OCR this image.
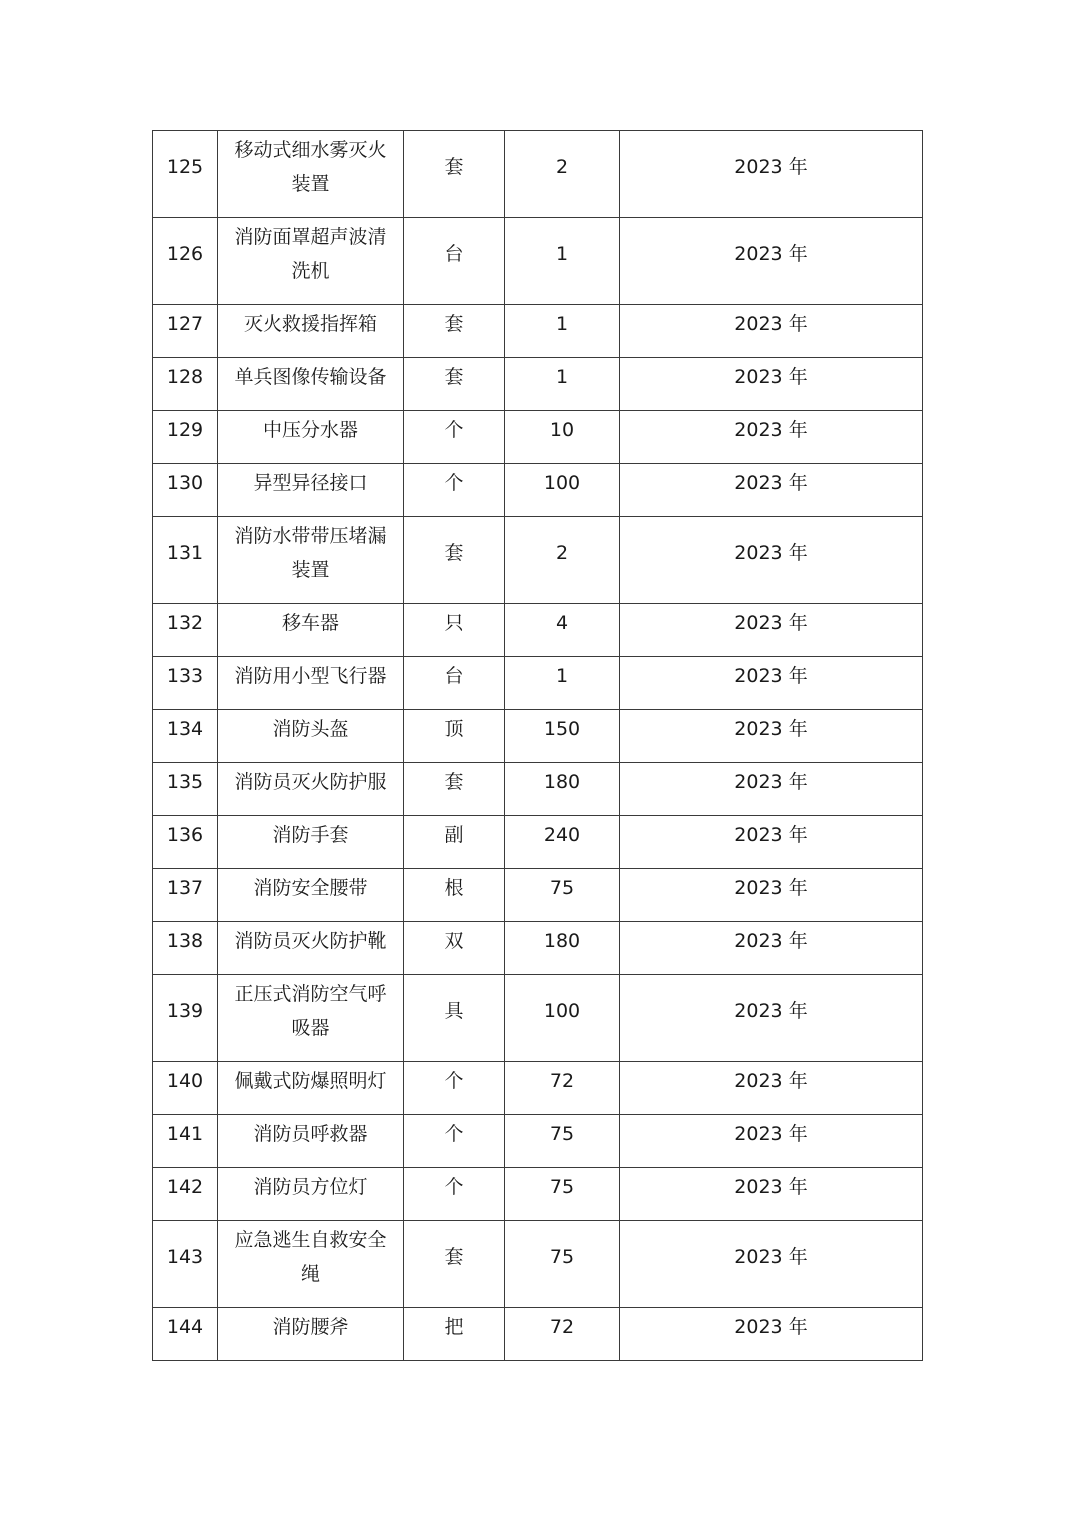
125	移动式细水雾灭火装置	套	2	2023 年

126	消防面罩超声波清洗机	台	1	2023 年

127	灭火救援指挥箱	套	1	2023 年

128	单兵图像传输设备	套	1	2023 年

129	中压分水器	个	10	2023 年

130	异型异径接口	个	100	2023 年

131	消防水带带压堵漏装置	套	2	2023 年

132	移车器	只	4	2023 年

133	消防用小型飞行器	台	1	2023 年

134	消防头盔	顶	150	2023 年

135	消防员灭火防护服	套	180	2023 年

136	消防手套	副	240	2023 年

137	消防安全腰带	根	75	2023 年

138	消防员灭火防护靴	双	180	2023 年

139	正压式消防空气呼吸器	具	100	2023 年

140	佩戴式防爆照明灯	个	72	2023 年

141	消防员呼救器	个	75	2023 年

142	消防员方位灯	个	75	2023 年

143	应急逃生自救安全绳	套	75	2023 年

144	消防腰斧	把	72	2023 年
